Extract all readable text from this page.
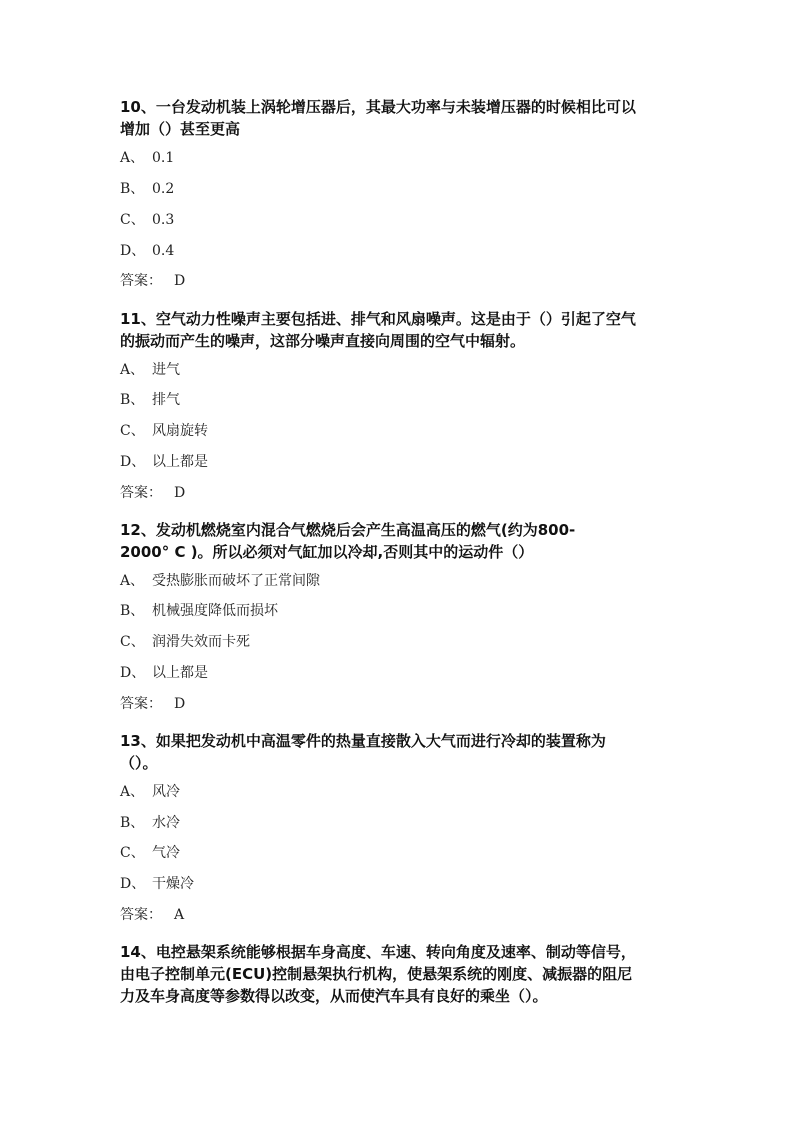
10、一台发动机装上涡轮增压器后，其最大功率与未装增压器的时候相比可以
增加（）甚至更高
A、 0.1
B、 0.2
C、 0.3
D、 0.4
答案： D
11、空气动力性噪声主要包括进、排气和风扇噪声。这是由于（）引起了空气
的振动而产生的噪声，这部分噪声直接向周围的空气中辐射。
A、 进气
B、 排气
C、 风扇旋转
D、 以上都是
答案： D
12、发动机燃烧室内混合气燃烧后会产生高温高压的燃气(约为800-
2000° C )。所以必须对气缸加以冷却,否则其中的运动件（）
A、 受热膨胀而破坏了正常间隙
B、 机械强度降低而损坏
C、 润滑失效而卡死
D、 以上都是
答案： D
13、如果把发动机中高温零件的热量直接散入大气而进行冷却的装置称为
（）。
A、 风冷
B、 水冷
C、 气冷
D、 干燥冷
答案： A
14、电控悬架系统能够根据车身高度、车速、转向角度及速率、制动等信号，
由电子控制单元(ECU)控制悬架执行机构，使悬架系统的刚度、减振器的阻尼
力及车身高度等参数得以改变，从而使汽车具有良好的乘坐（）。
